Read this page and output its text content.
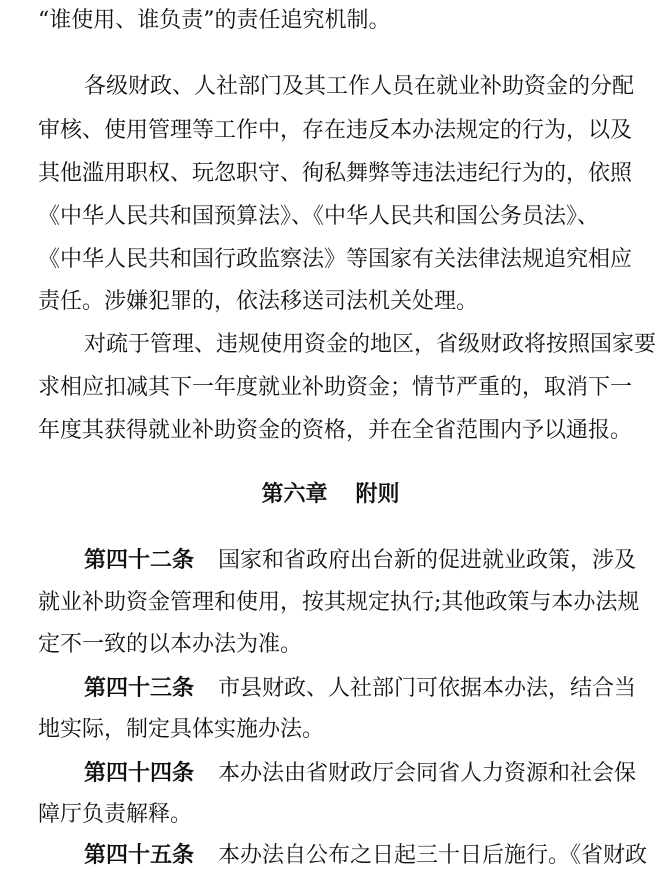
“谁使用、谁负责”的责任追究机制。
各级财政、人社部门及其工作人员在就业补助资金的分配
审核、使用管理等工作中，存在违反本办法规定的行为，以及
其他滥用职权、玩忽职守、徇私舞弊等违法违纪行为的，依照
《中华人民共和国预算法》、《中华人民共和国公务员法》、
《中华人民共和国行政监察法》等国家有关法律法规追究相应
责任。涉嫌犯罪的，依法移送司法机关处理。
对疏于管理、违规使用资金的地区，省级财政将按照国家要
求相应扣减其下一年度就业补助资金；情节严重的，取消下一
年度其获得就业补助资金的资格，并在全省范围内予以通报。
第六章 附则
第四十二条 国家和省政府出台新的促进就业政策，涉及
就业补助资金管理和使用，按其规定执行;其他政策与本办法规
定不一致的以本办法为准。
第四十三条 市县财政、人社部门可依据本办法，结合当
地实际，制定具体实施办法。
第四十四条 本办法由省财政厅会同省人力资源和社会保
障厅负责解释。
第四十五条 本办法自公布之日起三十日后施行。《省财政
